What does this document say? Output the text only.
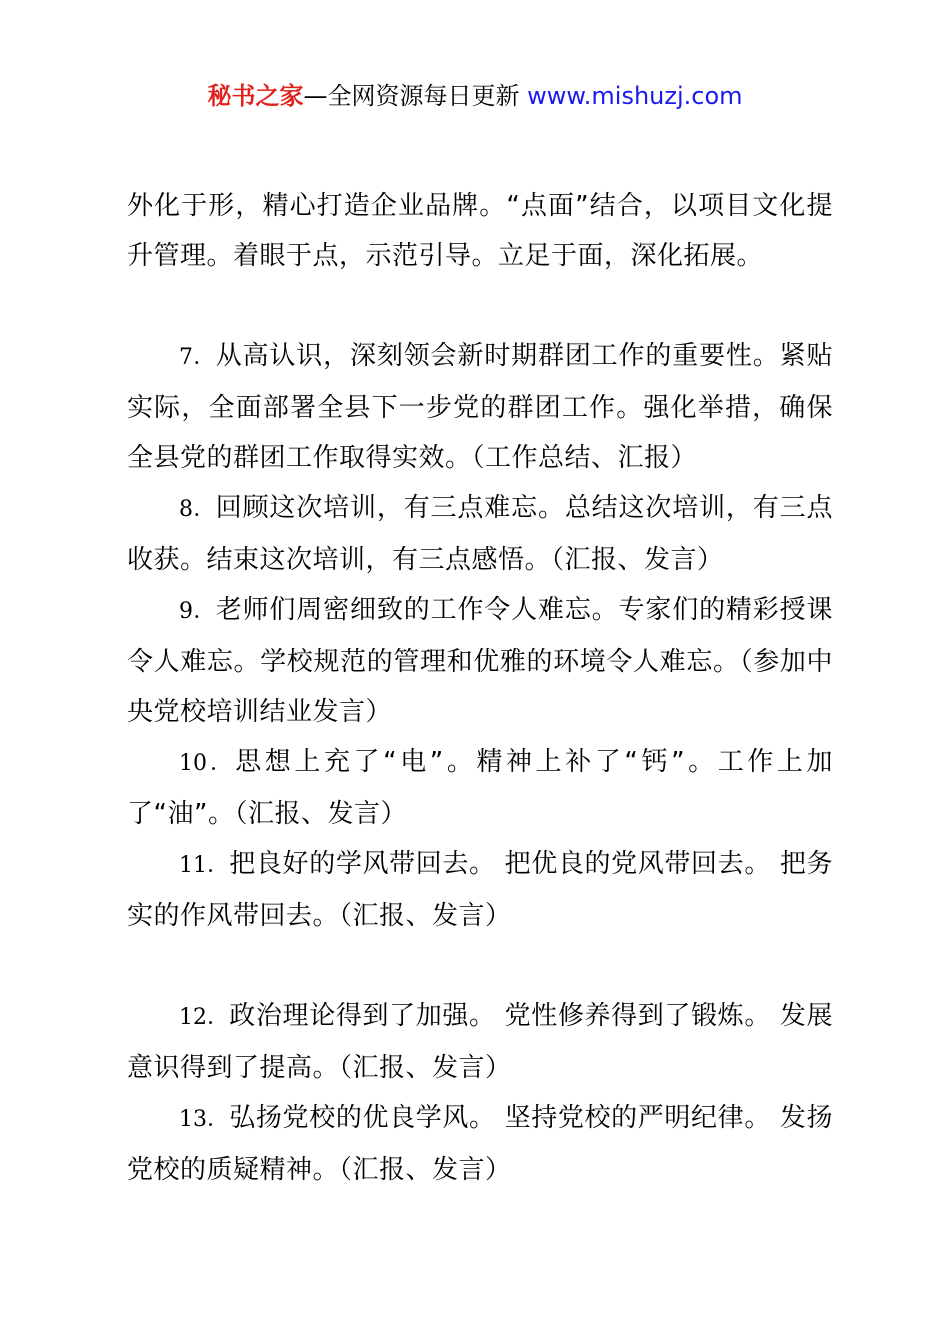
秘书之家—全网资源每日更新 www.mishuzj.com

外化于形，精心打造企业品牌。“点面”结合，以项目文化提升管理。着眼于点，示范引导。立足于面，深化拓展。

7．从高认识，深刻领会新时期群团工作的重要性。紧贴实际，全面部署全县下一步党的群团工作。强化举措，确保全县党的群团工作取得实效。（工作总结、汇报）

8．回顾这次培训，有三点难忘。总结这次培训，有三点收获。结束这次培训，有三点感悟。（汇报、发言）

9．老师们周密细致的工作令人难忘。专家们的精彩授课令人难忘。学校规范的管理和优雅的环境令人难忘。（参加中央党校培训结业发言）

10．思想上充了“电”。精神上补了“钙”。工作上加了“油”。（汇报、发言）

11．把良好的学风带回去。 把优良的党风带回去。 把务实的作风带回去。（汇报、发言）

12．政治理论得到了加强。 党性修养得到了锻炼。 发展意识得到了提高。（汇报、发言）

13．弘扬党校的优良学风。 坚持党校的严明纪律。 发扬党校的质疑精神。（汇报、发言）
